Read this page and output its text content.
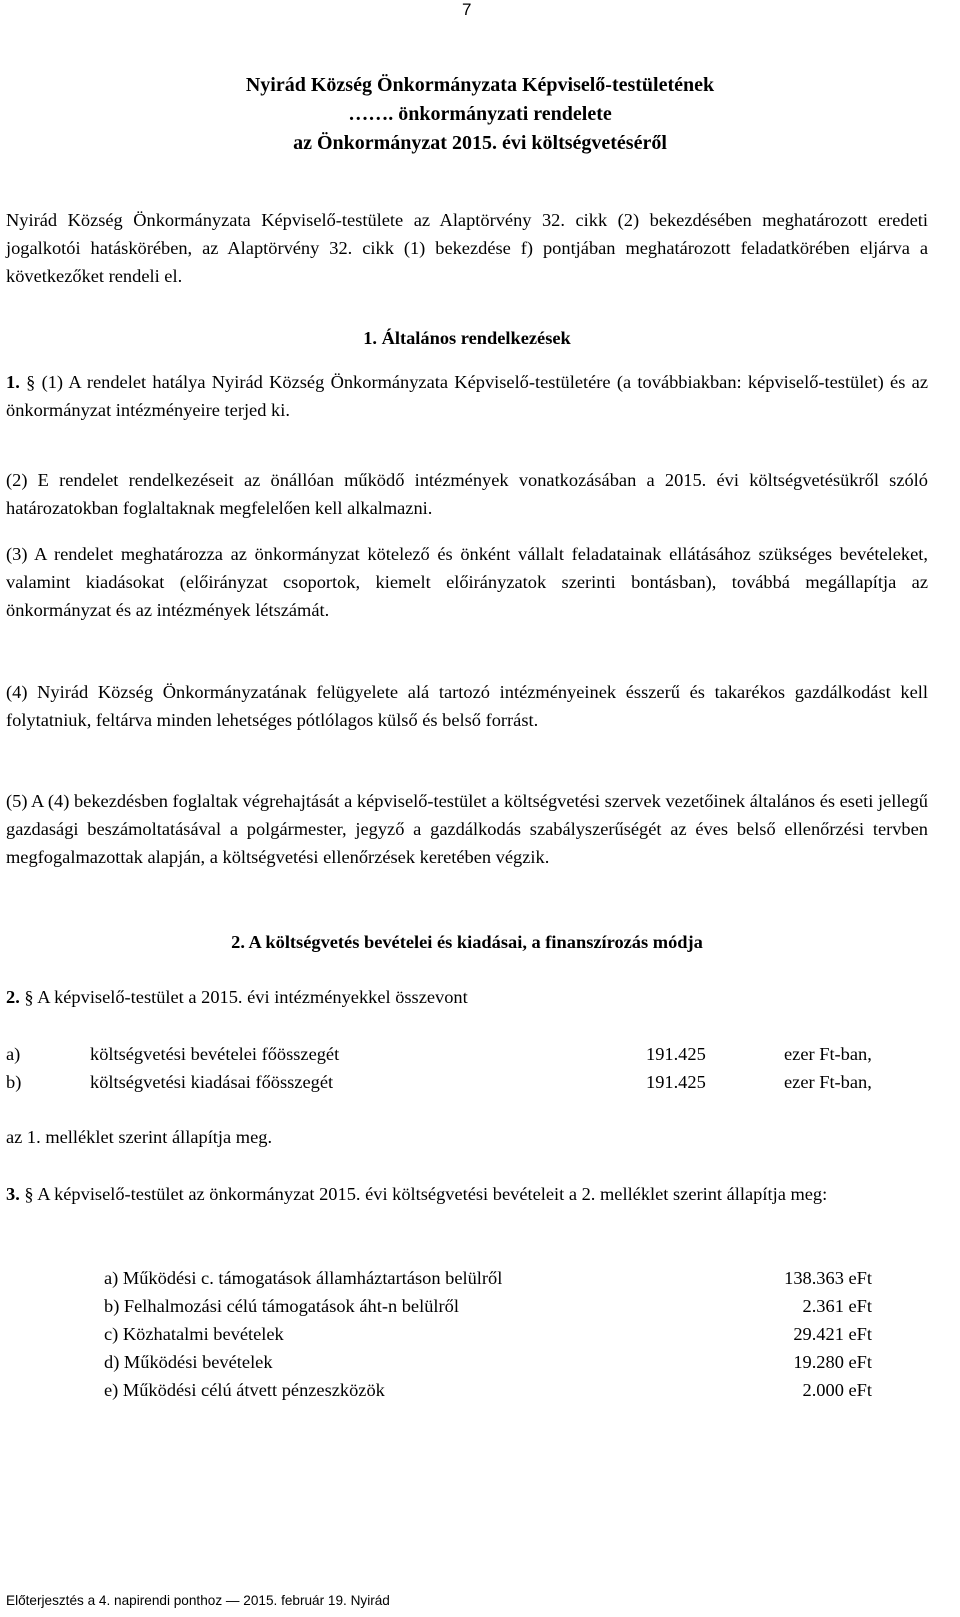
7
Nyirád Község Önkormányzata Képviselő-testületének
……. önkormányzati rendelete
az Önkormányzat 2015. évi költségvetéséről

Nyirád Község Önkormányzata Képviselő-testülete az Alaptörvény 32. cikk (2) bekezdésében meghatározott eredeti jogalkotói hatáskörében, az Alaptörvény 32. cikk (1) bekezdése f) pontjában meghatározott feladatkörében eljárva a következőket rendeli el.

1. Általános rendelkezések

1. § (1) A rendelet hatálya Nyirád Község Önkormányzata Képviselő-testületére (a továbbiakban: képviselő-testület) és az önkormányzat intézményeire terjed ki.

(2) E rendelet rendelkezéseit az önállóan működő intézmények vonatkozásában a 2015. évi költségvetésükről szóló határozatokban foglaltaknak megfelelően kell alkalmazni.

(3) A rendelet meghatározza az önkormányzat kötelező és önként vállalt feladatainak ellátásához szükséges bevételeket, valamint kiadásokat (előirányzat csoportok, kiemelt előirányzatok szerinti bontásban), továbbá megállapítja az önkormányzat és az intézmények létszámát.

(4) Nyirád Község Önkormányzatának felügyelete alá tartozó intézményeinek ésszerű és takarékos gazdálkodást kell folytatniuk, feltárva minden lehetséges pótlólagos külső és belső forrást.

(5) A (4) bekezdésben foglaltak végrehajtását a képviselő-testület a költségvetési szervek vezetőinek általános és eseti jellegű gazdasági beszámoltatásával a polgármester, jegyző a gazdálkodás szabályszerűségét az éves belső ellenőrzési tervben megfogalmazottak alapján, a költségvetési ellenőrzések keretében végzik.

2. A költségvetés bevételei és kiadásai, a finanszírozás módja
2. § A képviselő-testület a 2015. évi intézményekkel összevont
a)	költségvetési bevételei főösszegét	191.425	ezer Ft-ban,
b)	költségvetési kiadásai főösszegét	191.425	ezer Ft-ban,
az 1. melléklet szerint állapítja meg.

3. § A képviselő-testület az önkormányzat 2015. évi költségvetési bevételeit a 2. melléklet szerint állapítja meg:

a) Működési c. támogatások államháztartáson belülről	138.363 eFt
b) Felhalmozási célú támogatások áht-n belülről	2.361 eFt
c) Közhatalmi bevételek	29.421 eFt
d) Működési bevételek	19.280 eFt
e) Működési célú átvett pénzeszközök	2.000 eFt
Előterjesztés a 4. napirendi ponthoz — 2015. február 19. Nyirád
